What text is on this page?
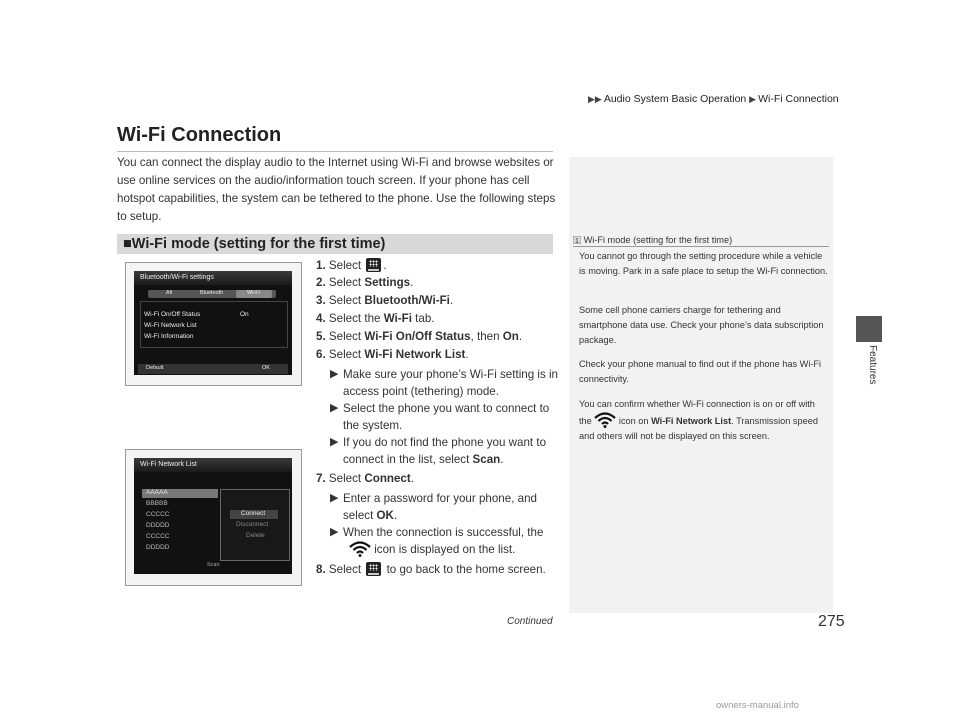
▶▶ Audio System Basic Operation ▶ Wi-Fi Connection
Wi-Fi Connection
You can connect the display audio to the Internet using Wi-Fi and browse websites or use online services on the audio/information touch screen. If your phone has cell hotspot capabilities, the system can be tethered to the phone. Use the following steps to setup.
■Wi-Fi mode (setting for the first time)	1 Wi-Fi mode (setting for the first time)
You cannot go through the setting procedure while a vehicle is moving. Park in a safe place to setup the Wi-Fi connection.
Some cell phone carriers charge for tethering and smartphone data use. Check your phone’s data subscription package.
Check your phone manual to find out if the phone has Wi-Fi connectivity.
You can confirm whether Wi-Fi connection is on or off with the	icon on Wi-Fi Network List. Transmission speed and others will not be displayed on this screen.
Features
Bluetooth/Wi-Fi settings
All	Bluetooth	Wi-Fi
Wi-Fi On/Off Status	On
Wi-Fi Network List
Wi-Fi Information
Default	OK
Wi-Fi Network List
AAAAA
BBBBB
CCCCC
DDDDD
CCCCC
DDDDD
Connect
Disconnect
Delete
Scan
1. Select .
2. Select Settings.
3. Select Bluetooth/Wi-Fi.
4. Select the Wi-Fi tab.
5. Select Wi-Fi On/Off Status, then On.
6. Select Wi-Fi Network List.
▶ Make sure your phone’s Wi-Fi setting is in access point (tethering) mode.
▶ Select the phone you want to connect to the system.
▶ If you do not find the phone you want to connect in the list, select Scan.
7. Select Connect.
▶ Enter a password for your phone, and select OK.
▶ When the connection is successful, the
icon is displayed on the list.
8. Select  to go back to the home screen.
Continued	275
owners-manual.info
